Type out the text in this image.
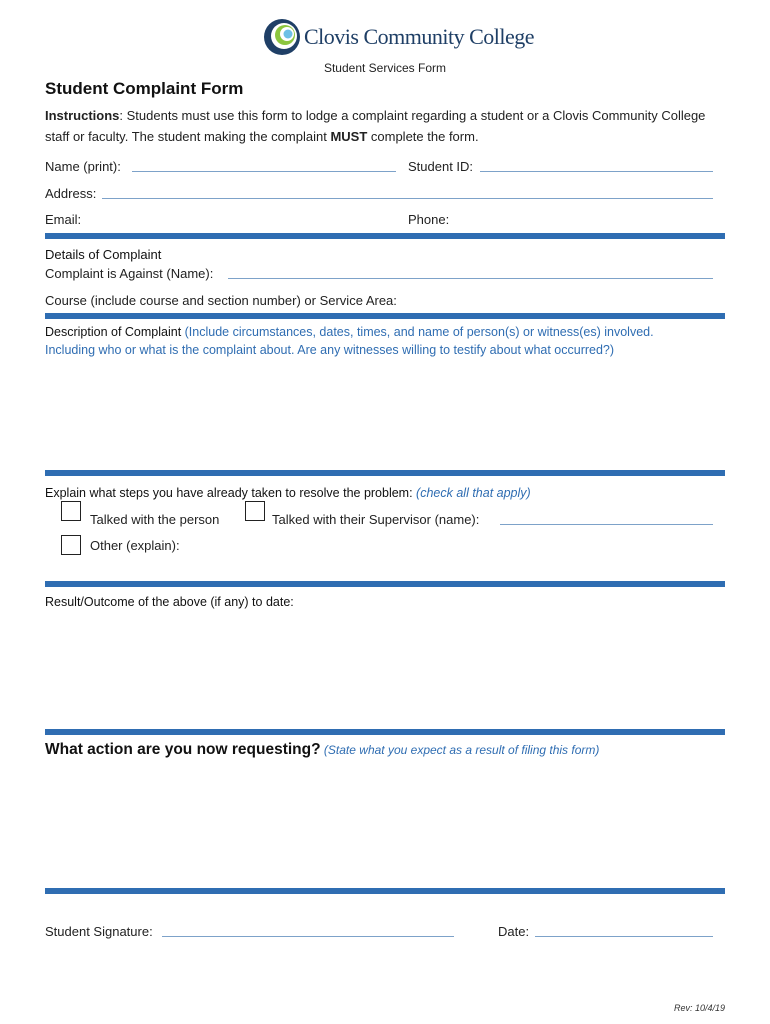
Clovis Community College
Student Services Form
Student Complaint Form
Instructions: Students must use this form to lodge a complaint regarding a student or a Clovis Community College staff or faculty. The student making the complaint MUST complete the form.
Name (print):	Student ID:
Address:
Email:	Phone:
Details of Complaint
Complaint is Against (Name):
Course (include course and section number) or Service Area:
Description of Complaint (Include circumstances, dates, times, and name of person(s) or witness(es) involved.
Including who or what is the complaint about. Are any witnesses willing to testify about what occurred?)
Explain what steps you have already taken to resolve the problem: (check all that apply)
Talked with the person	Talked with their Supervisor (name):
Other (explain):
Result/Outcome of the above (if any) to date:
What action are you now requesting? (State what you expect as a result of filing this form)
Student Signature:	Date:
Rev: 10/4/19
